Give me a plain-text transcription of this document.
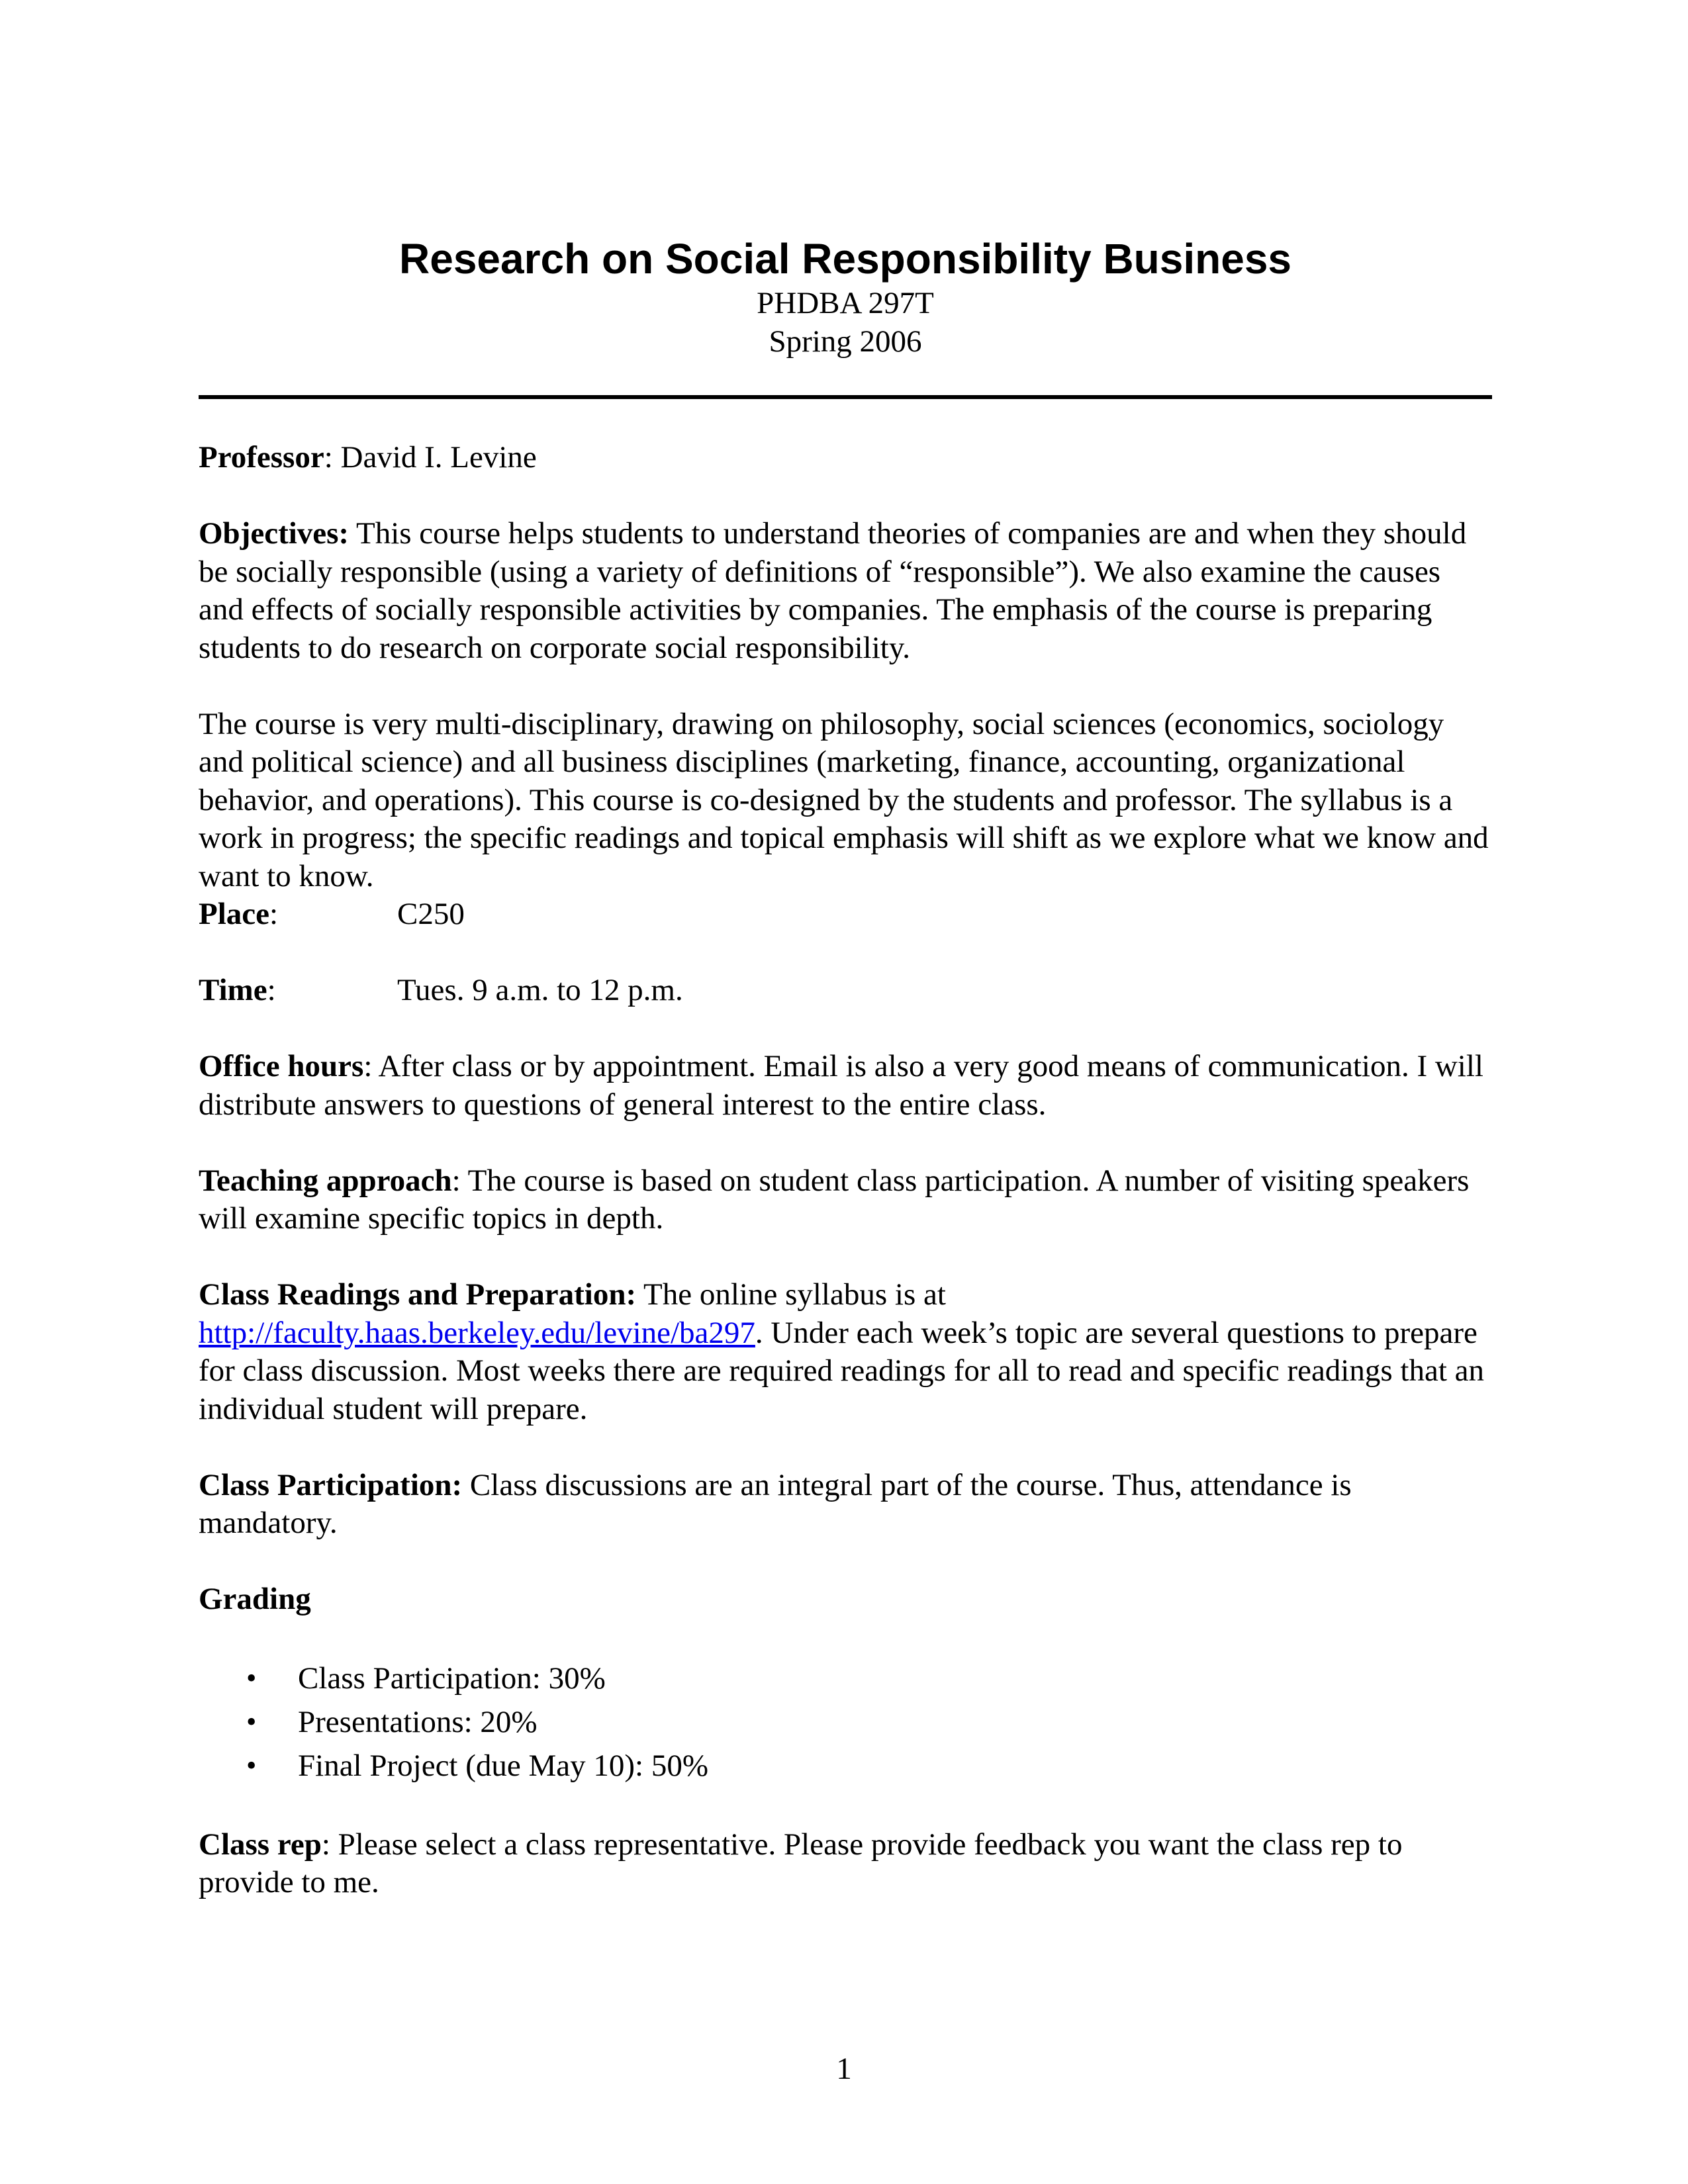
Research on Social Responsibility Business
PHDBA 297T
Spring 2006

Professor: David I. Levine

Objectives: This course helps students to understand theories of companies are and when they should be socially responsible (using a variety of definitions of “responsible”). We also examine the causes and effects of socially responsible activities by companies. The emphasis of the course is preparing students to do research on corporate social responsibility.

The course is very multi-disciplinary, drawing on philosophy, social sciences (economics, sociology and political science) and all business disciplines (marketing, finance, accounting, organizational behavior, and operations). This course is co-designed by the students and professor. The syllabus is a work in progress; the specific readings and topical emphasis will shift as we explore what we know and want to know.

Place:	C250
Time:	Tues. 9 a.m. to 12 p.m.

Office hours: After class or by appointment. Email is also a very good means of communication. I will distribute answers to questions of general interest to the entire class.

Teaching approach: The course is based on student class participation. A number of visiting speakers will examine specific topics in depth.

Class Readings and Preparation: The online syllabus is at http://faculty.haas.berkeley.edu/levine/ba297. Under each week’s topic are several questions to prepare for class discussion. Most weeks there are required readings for all to read and specific readings that an individual student will prepare.

Class Participation: Class discussions are an integral part of the course. Thus, attendance is mandatory.

Grading

• Class Participation: 30%
• Presentations: 20%
• Final Project (due May 10): 50%

Class rep: Please select a class representative. Please provide feedback you want the class rep to provide to me.

1
